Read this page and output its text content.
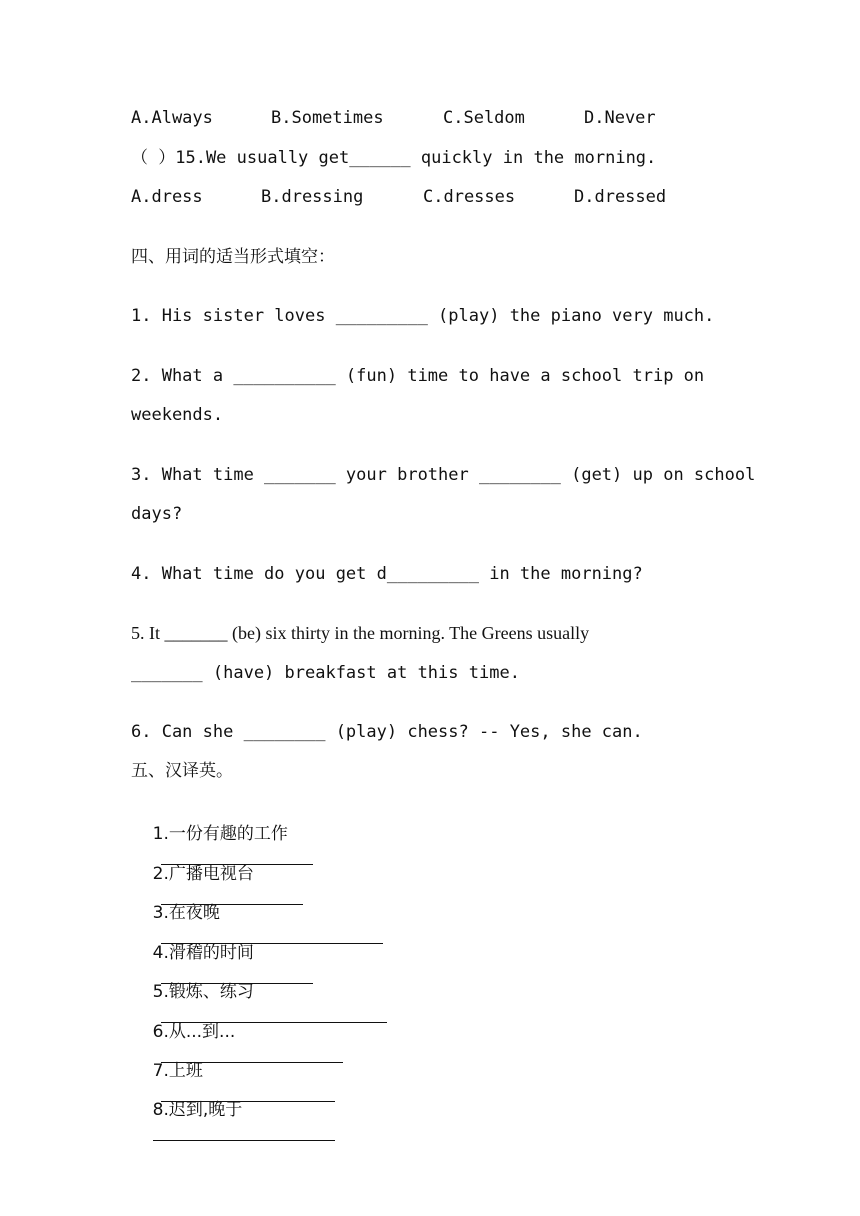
A.Always

	B.Sometimes

	C.Seldom

	D.Never

（ ）15.We usually get______ quickly in the morning.

A.dress

	B.dressing

	C.dresses

	D.dressed

四、用词的适当形式填空：
1. His sister loves _________ (play) the piano very much.
2. What a __________ (fun) time to have a school trip on
weekends.
3. What time _______ your brother ________ (get) up on school
days?
4. What time do you get d_________ in the morning?
5. It _______ (be) six thirty in the morning. The Greens usually
_______ (have) breakfast at this time.
6. Can she ________ (play) chess? -- Yes, she can.
五、汉译英。

1.一份有趣的工作

2.广播电视台

3.在夜晚

4.滑稽的时间

5.锻炼、练习

6.从...到...

7.上班

8.迟到,晚于
